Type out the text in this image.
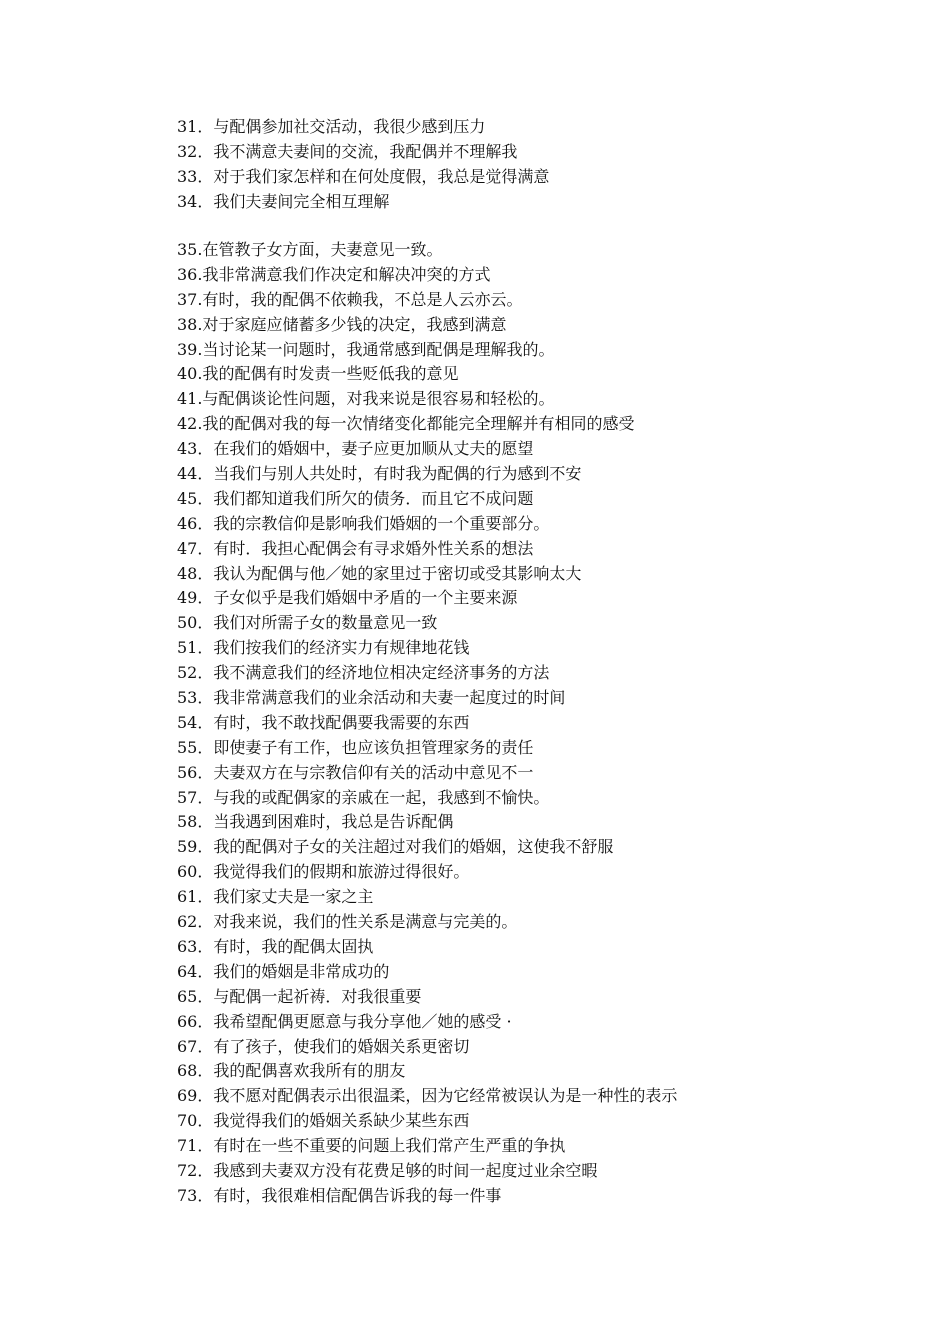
31．与配偶参加社交活动，我很少感到压力
32．我不满意夫妻间的交流，我配偶并不理解我
33．对于我们家怎样和在何处度假，我总是觉得满意
34．我们夫妻间完全相互理解
35.在管教子女方面，夫妻意见一致。
36.我非常满意我们作决定和解决冲突的方式
37.有时，我的配偶不依赖我，不总是人云亦云。
38.对于家庭应储蓄多少钱的决定，我感到满意
39.当讨论某一问题时，我通常感到配偶是理解我的。
40.我的配偶有时发责一些贬低我的意见
41.与配偶谈论性问题，对我来说是很容易和轻松的。
42.我的配偶对我的每一次情绪变化都能完全理解并有相同的感受
43．在我们的婚姻中，妻子应更加顺从丈夫的愿望
44．当我们与别人共处时，有时我为配偶的行为感到不安
45．我们都知道我们所欠的债务．而且它不成问题
46．我的宗教信仰是影响我们婚姻的一个重要部分。
47．有时．我担心配偶会有寻求婚外性关系的想法
48．我认为配偶与他／她的家里过于密切或受其影响太大
49．子女似乎是我们婚姻中矛盾的一个主要来源
50．我们对所需子女的数量意见一致
51．我们按我们的经济实力有规律地花钱
52．我不满意我们的经济地位相决定经济事务的方法
53．我非常满意我们的业余活动和夫妻一起度过的时间
54．有时，我不敢找配偶要我需要的东西
55．即使妻子有工作，也应该负担管理家务的责任
56．夫妻双方在与宗教信仰有关的活动中意见不一
57．与我的或配偶家的亲戚在一起，我感到不愉快。
58．当我遇到困难时，我总是告诉配偶
59．我的配偶对子女的关注超过对我们的婚姻，这使我不舒服
60．我觉得我们的假期和旅游过得很好。
61．我们家丈夫是一家之主
62．对我来说，我们的性关系是满意与完美的。
63．有时，我的配偶太固执
64．我们的婚姻是非常成功的
65．与配偶一起祈祷．对我很重要
66．我希望配偶更愿意与我分享他／她的感受 ·
67．有了孩子，使我们的婚姻关系更密切
68．我的配偶喜欢我所有的朋友
69．我不愿对配偶表示出很温柔，因为它经常被误认为是一种性的表示
70．我觉得我们的婚姻关系缺少某些东西
71．有时在一些不重要的问题上我们常产生严重的争执
72．我感到夫妻双方没有花费足够的时间一起度过业余空暇
73．有时，我很难相信配偶告诉我的每一件事
